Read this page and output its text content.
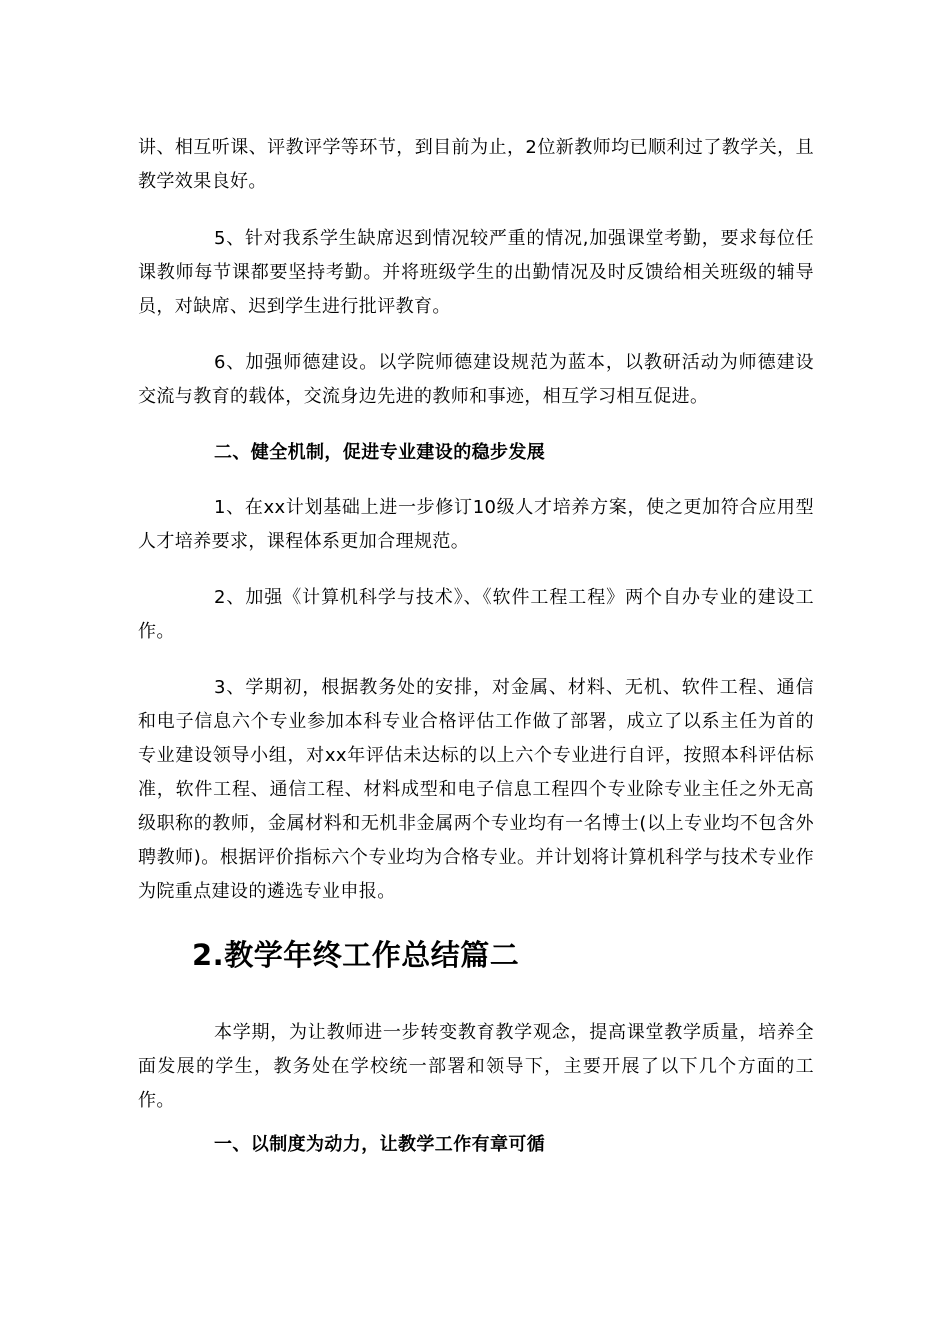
讲、相互听课、评教评学等环节，到目前为止，2位新教师均已顺利过了教学关，且教学效果良好。

5、针对我系学生缺席迟到情况较严重的情况,加强课堂考勤，要求每位任课教师每节课都要坚持考勤。并将班级学生的出勤情况及时反馈给相关班级的辅导员，对缺席、迟到学生进行批评教育。

6、加强师德建设。以学院师德建设规范为蓝本，以教研活动为师德建设交流与教育的载体，交流身边先进的教师和事迹，相互学习相互促进。

二、健全机制，促进专业建设的稳步发展

1、在xx计划基础上进一步修订10级人才培养方案，使之更加符合应用型人才培养要求，课程体系更加合理规范。

2、加强《计算机科学与技术》、《软件工程工程》两个自办专业的建设工作。

3、学期初，根据教务处的安排，对金属、材料、无机、软件工程、通信和电子信息六个专业参加本科专业合格评估工作做了部署，成立了以系主任为首的专业建设领导小组，对xx年评估未达标的以上六个专业进行自评，按照本科评估标准，软件工程、通信工程、材料成型和电子信息工程四个专业除专业主任之外无高级职称的教师，金属材料和无机非金属两个专业均有一名博士(以上专业均不包含外聘教师)。根据评价指标六个专业均为合格专业。并计划将计算机科学与技术专业作为院重点建设的遴选专业申报。

2.教学年终工作总结篇二

本学期，为让教师进一步转变教育教学观念，提高课堂教学质量，培养全面发展的学生，教务处在学校统一部署和领导下，主要开展了以下几个方面的工作。

一、以制度为动力，让教学工作有章可循
